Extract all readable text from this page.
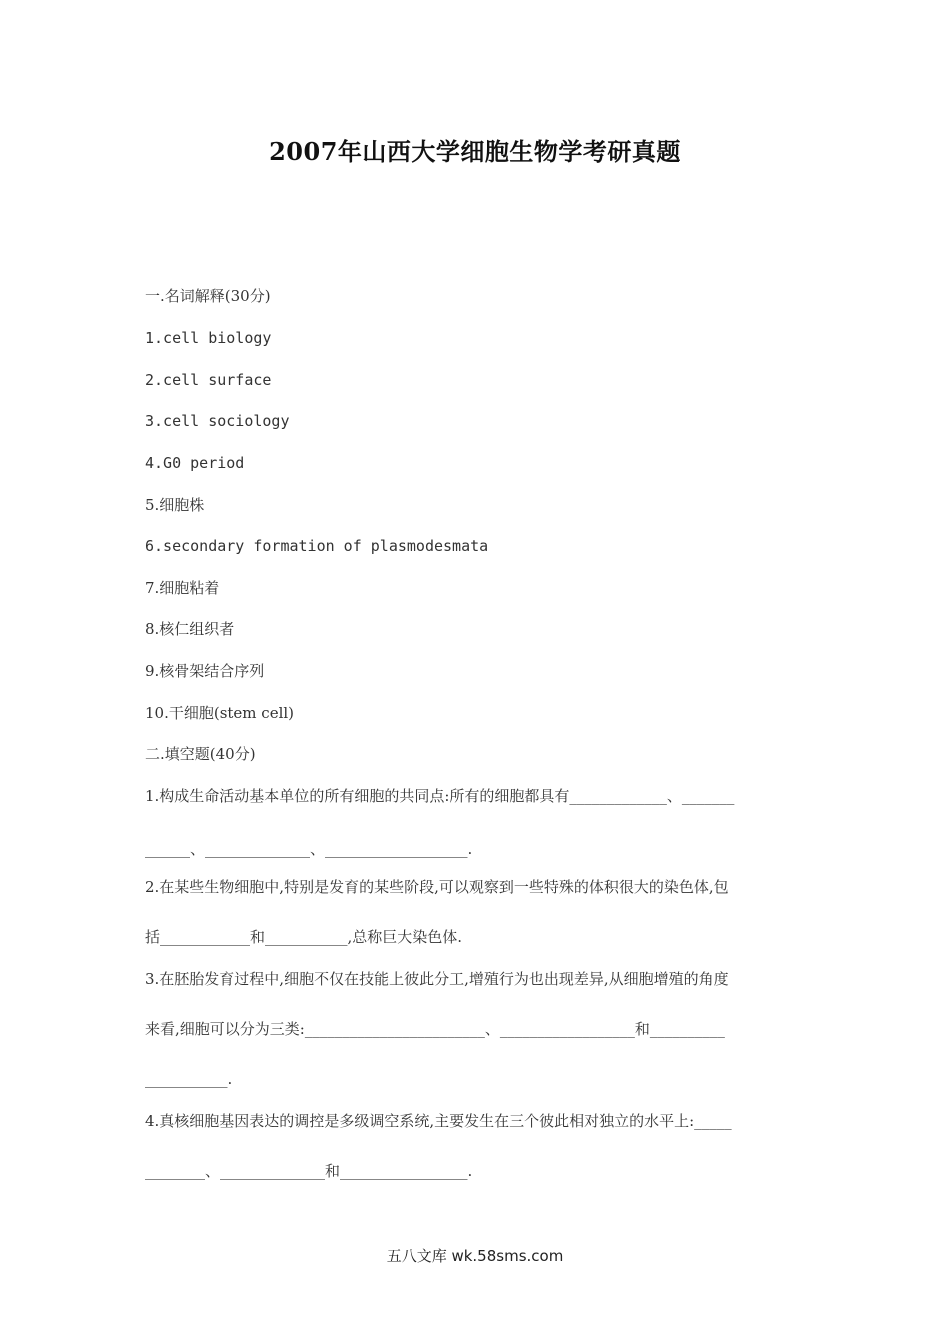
2007年山西大学细胞生物学考研真题
一.名词解释(30分)
1.cell biology
2.cell surface
3.cell sociology
4.G0 period
5.细胞株
6.secondary formation of plasmodesmata
7.细胞粘着
8.核仁组织者
9.核骨架结合序列
10.干细胞(stem cell)
二.填空题(40分)
1.构成生命活动基本单位的所有细胞的共同点:所有的细胞都具有_____________、_______
______、______________、___________________.
2.在某些生物细胞中,特别是发育的某些阶段,可以观察到一些特殊的体积很大的染色体,包
括____________和___________,总称巨大染色体.
3.在胚胎发育过程中,细胞不仅在技能上彼此分工,增殖行为也出现差异,从细胞增殖的角度
来看,细胞可以分为三类:________________________、__________________和__________
___________.
4.真核细胞基因表达的调控是多级调空系统,主要发生在三个彼此相对独立的水平上:_____
________、______________和_________________.
五八文库 wk.58sms.com
